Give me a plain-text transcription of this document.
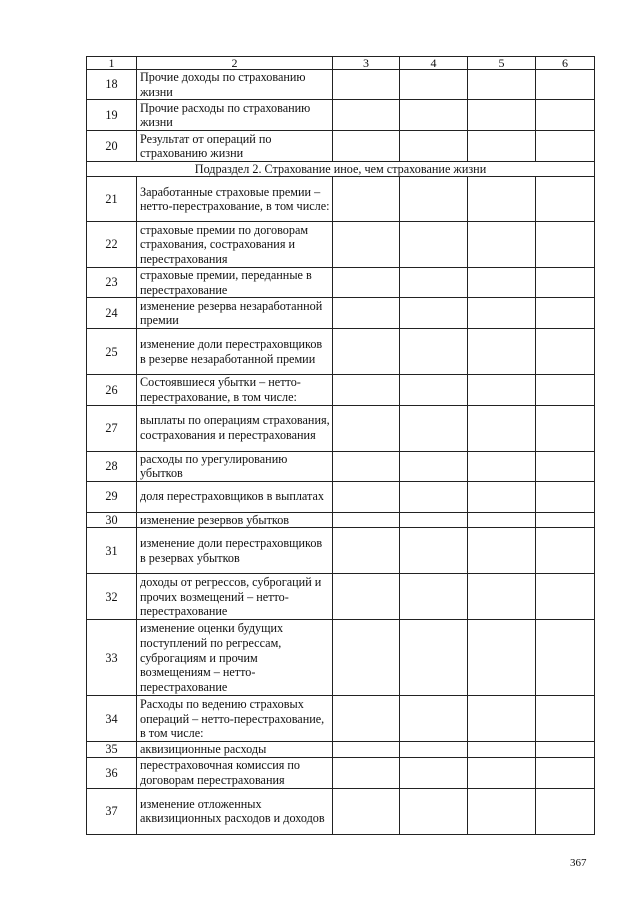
1	2	3	4	5	6
18	Прочие доходы по страхованию жизни				
19	Прочие расходы по страхованию жизни				
20	Результат от операций по страхованию жизни				
Подраздел 2. Страхование иное, чем страхование жизни					
21	Заработанные страховые премии – нетто-перестрахование, в том числе:				
22	страховые премии по договорам страхования, сострахования и перестрахования				
23	страховые премии, переданные в перестрахование				
24	изменение резерва незаработанной премии				
25	изменение доли перестраховщиков в резерве незаработанной премии				
26	Состоявшиеся убытки – нетто-перестрахование, в том числе:				
27	выплаты по операциям страхования, сострахования и перестрахования				
28	расходы по урегулированию убытков				
29	доля перестраховщиков в выплатах				
30	изменение резервов убытков				
31	изменение доли перестраховщиков в резервах убытков				
32	доходы от регрессов, суброгаций и прочих возмещений – нетто-перестрахование				
33	изменение оценки будущих поступлений по регрессам, суброгациям и прочим возмещениям – нетто-перестрахование				
34	Расходы по ведению страховых операций – нетто-перестрахование, в том числе:				
35	аквизиционные расходы				
36	перестраховочная комиссия по договорам перестрахования				
37	изменение отложенных аквизиционных расходов и доходов				
367
